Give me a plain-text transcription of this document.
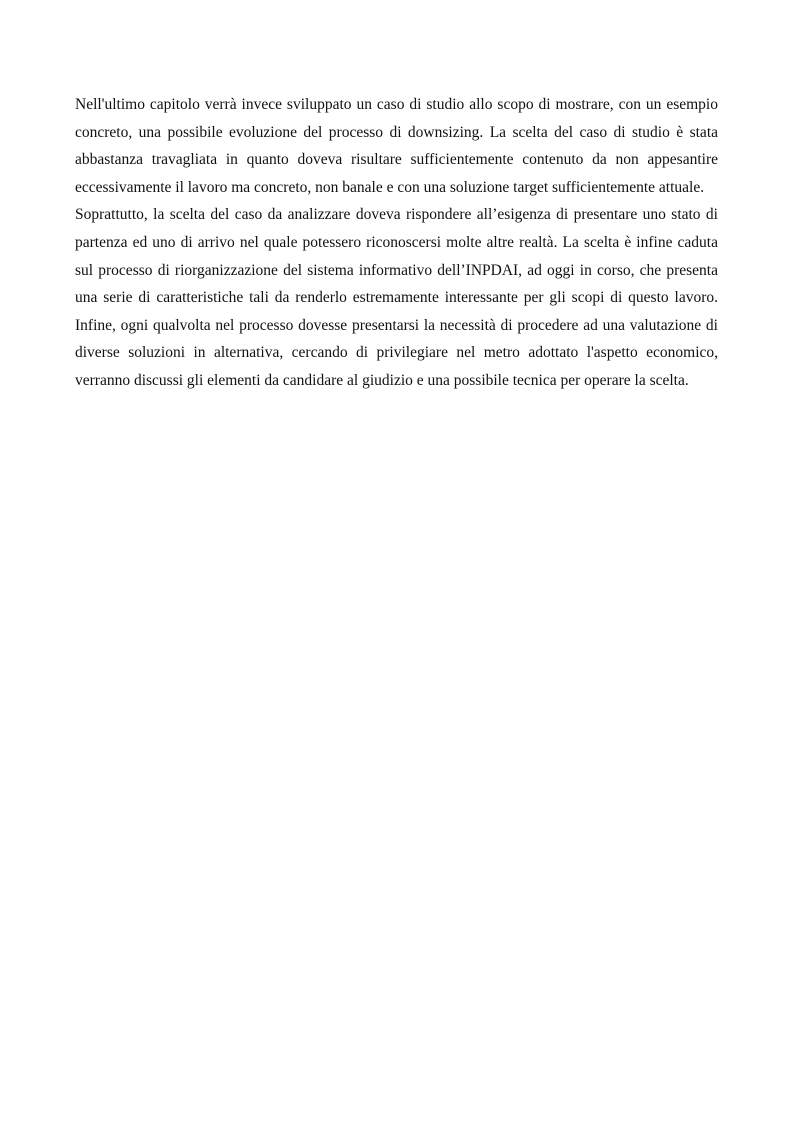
Nell'ultimo capitolo verrà invece sviluppato un caso di studio allo scopo di mostrare, con un esempio concreto, una possibile evoluzione del processo di downsizing. La scelta del caso di studio è stata abbastanza travagliata in quanto doveva risultare sufficientemente contenuto da non appesantire eccessivamente il lavoro ma concreto, non banale e con una soluzione target sufficientemente attuale.

Soprattutto, la scelta del caso da analizzare doveva rispondere all’esigenza di presentare uno stato di partenza ed uno di arrivo nel quale potessero riconoscersi molte altre realtà. La scelta è infine caduta sul processo di riorganizzazione del sistema informativo dell’INPDAI, ad oggi in corso, che presenta una serie di caratteristiche tali da renderlo estremamente interessante per gli scopi di questo lavoro. Infine, ogni qualvolta nel processo dovesse presentarsi la necessità di procedere ad una valutazione di diverse soluzioni in alternativa, cercando di privilegiare nel metro adottato l'aspetto economico, verranno discussi gli elementi da candidare al giudizio e una possibile tecnica per operare la scelta.
